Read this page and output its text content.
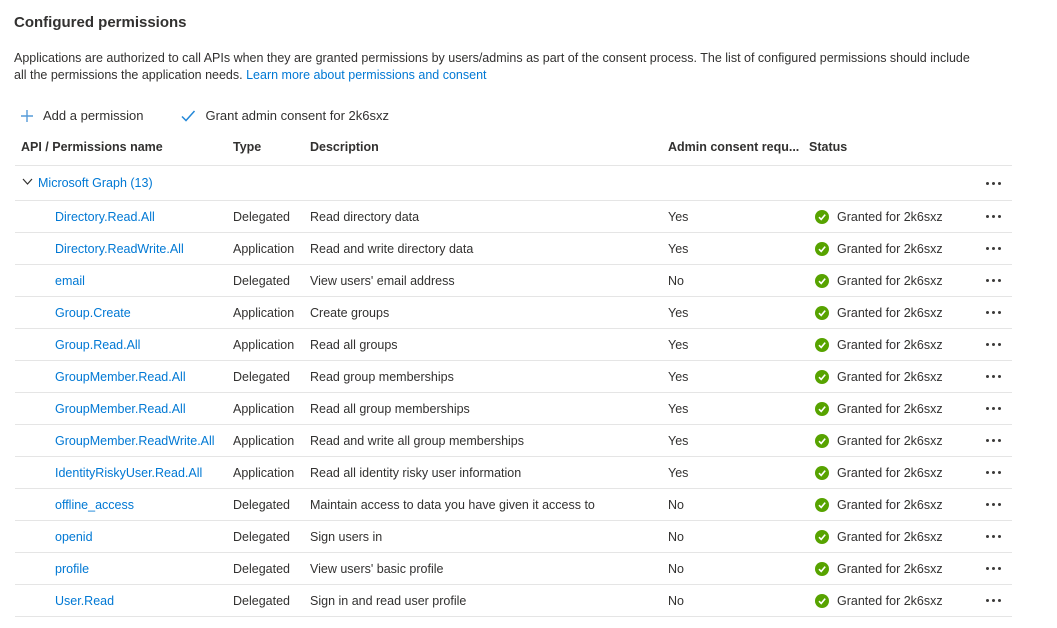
Configured permissions
Applications are authorized to call APIs when they are granted permissions by users/admins as part of the consent process. The list of configured permissions should include
all the permissions the application needs. Learn more about permissions and consent
Add a permission	Grant admin consent for 2k6sxz
API / Permissions name	Type	Description	Admin consent requ... Status
Microsoft Graph (13)
Directory.Read.All	Delegated	Read directory data	Yes	Granted for 2k6sxz
Directory.ReadWrite.All	Application	Read and write directory data	Yes	Granted for 2k6sxz
email	Delegated	View users' email address	No	Granted for 2k6sxz
Group.Create	Application	Create groups	Yes	Granted for 2k6sxz
Group.Read.All	Application	Read all groups	Yes	Granted for 2k6sxz
GroupMember.Read.All	Delegated	Read group memberships	Yes	Granted for 2k6sxz
GroupMember.Read.All	Application	Read all group memberships	Yes	Granted for 2k6sxz
GroupMember.ReadWrite.All	Application	Read and write all group memberships	Yes	Granted for 2k6sxz
IdentityRiskyUser.Read.All	Application	Read all identity risky user information	Yes	Granted for 2k6sxz
offline_access	Delegated	Maintain access to data you have given it access to	No	Granted for 2k6sxz
openid	Delegated	Sign users in	No	Granted for 2k6sxz
profile	Delegated	View users' basic profile	No	Granted for 2k6sxz
User.Read	Delegated	Sign in and read user profile	No	Granted for 2k6sxz
